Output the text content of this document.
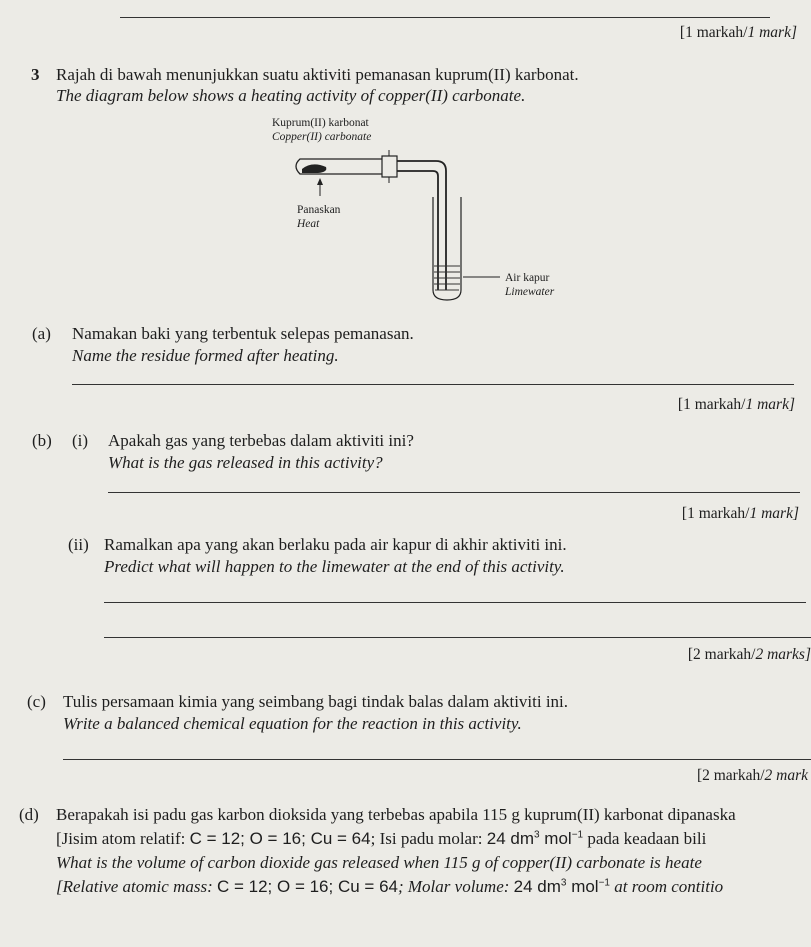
[1 markah/1 mark]
3 Rajah di bawah menunjukkan suatu aktiviti pemanasan kuprum(II) karbonat.
The diagram below shows a heating activity of copper(II) carbonate.
Kuprum(II) karbonat
Copper(II) carbonate
Panaskan
Heat
Air kapur
Limewater
(a) Namakan baki yang terbentuk selepas pemanasan.
Name the residue formed after heating.
[1 markah/1 mark]
(b) (i) Apakah gas yang terbebas dalam aktiviti ini?
What is the gas released in this activity?
[1 markah/1 mark]
(ii) Ramalkan apa yang akan berlaku pada air kapur di akhir aktiviti ini.
Predict what will happen to the limewater at the end of this activity.
[2 markah/2 marks]
(c) Tulis persamaan kimia yang seimbang bagi tindak balas dalam aktiviti ini.
Write a balanced chemical equation for the reaction in this activity.
[2 markah/2 mark
(d) Berapakah isi padu gas karbon dioksida yang terbebas apabila 115 g kuprum(II) karbonat dipanaska
[Jisim atom relatif: C = 12; O = 16; Cu = 64; Isi padu molar: 24 $dm^3$ mol$^{-1}$ pada keadaan bili
What is the volume of carbon dioxide gas released when 115 g of copper(II) carbonate is heate
[Relative atomic mass: C = 12; O = 16; Cu = 64; Molar volume: 24 $dm^3$ mol$^{-1}$ at room contitio
